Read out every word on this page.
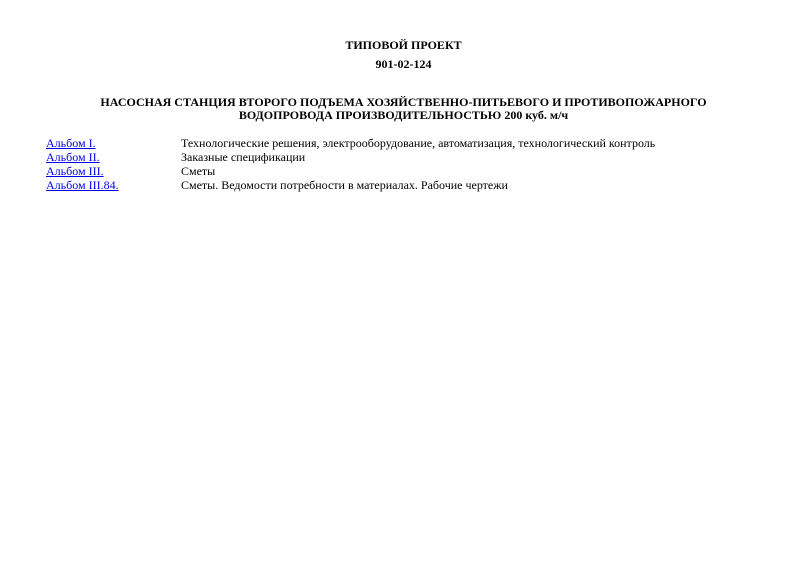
ТИПОВОЙ ПРОЕКТ
901-02-124
НАСОСНАЯ СТАНЦИЯ ВТОРОГО ПОДЪЕМА ХОЗЯЙСТВЕННО-ПИТЬЕВОГО И ПРОТИВОПОЖАРНОГО ВОДОПРОВОДА ПРОИЗВОДИТЕЛЬНОСТЬЮ 200 куб. м/ч
Альбом I.	Технологические решения, электрооборудование, автоматизация, технологический контроль
Альбом II.	Заказные спецификации
Альбом III.	Сметы
Альбом III.84.	Сметы. Ведомости потребности в материалах. Рабочие чертежи
